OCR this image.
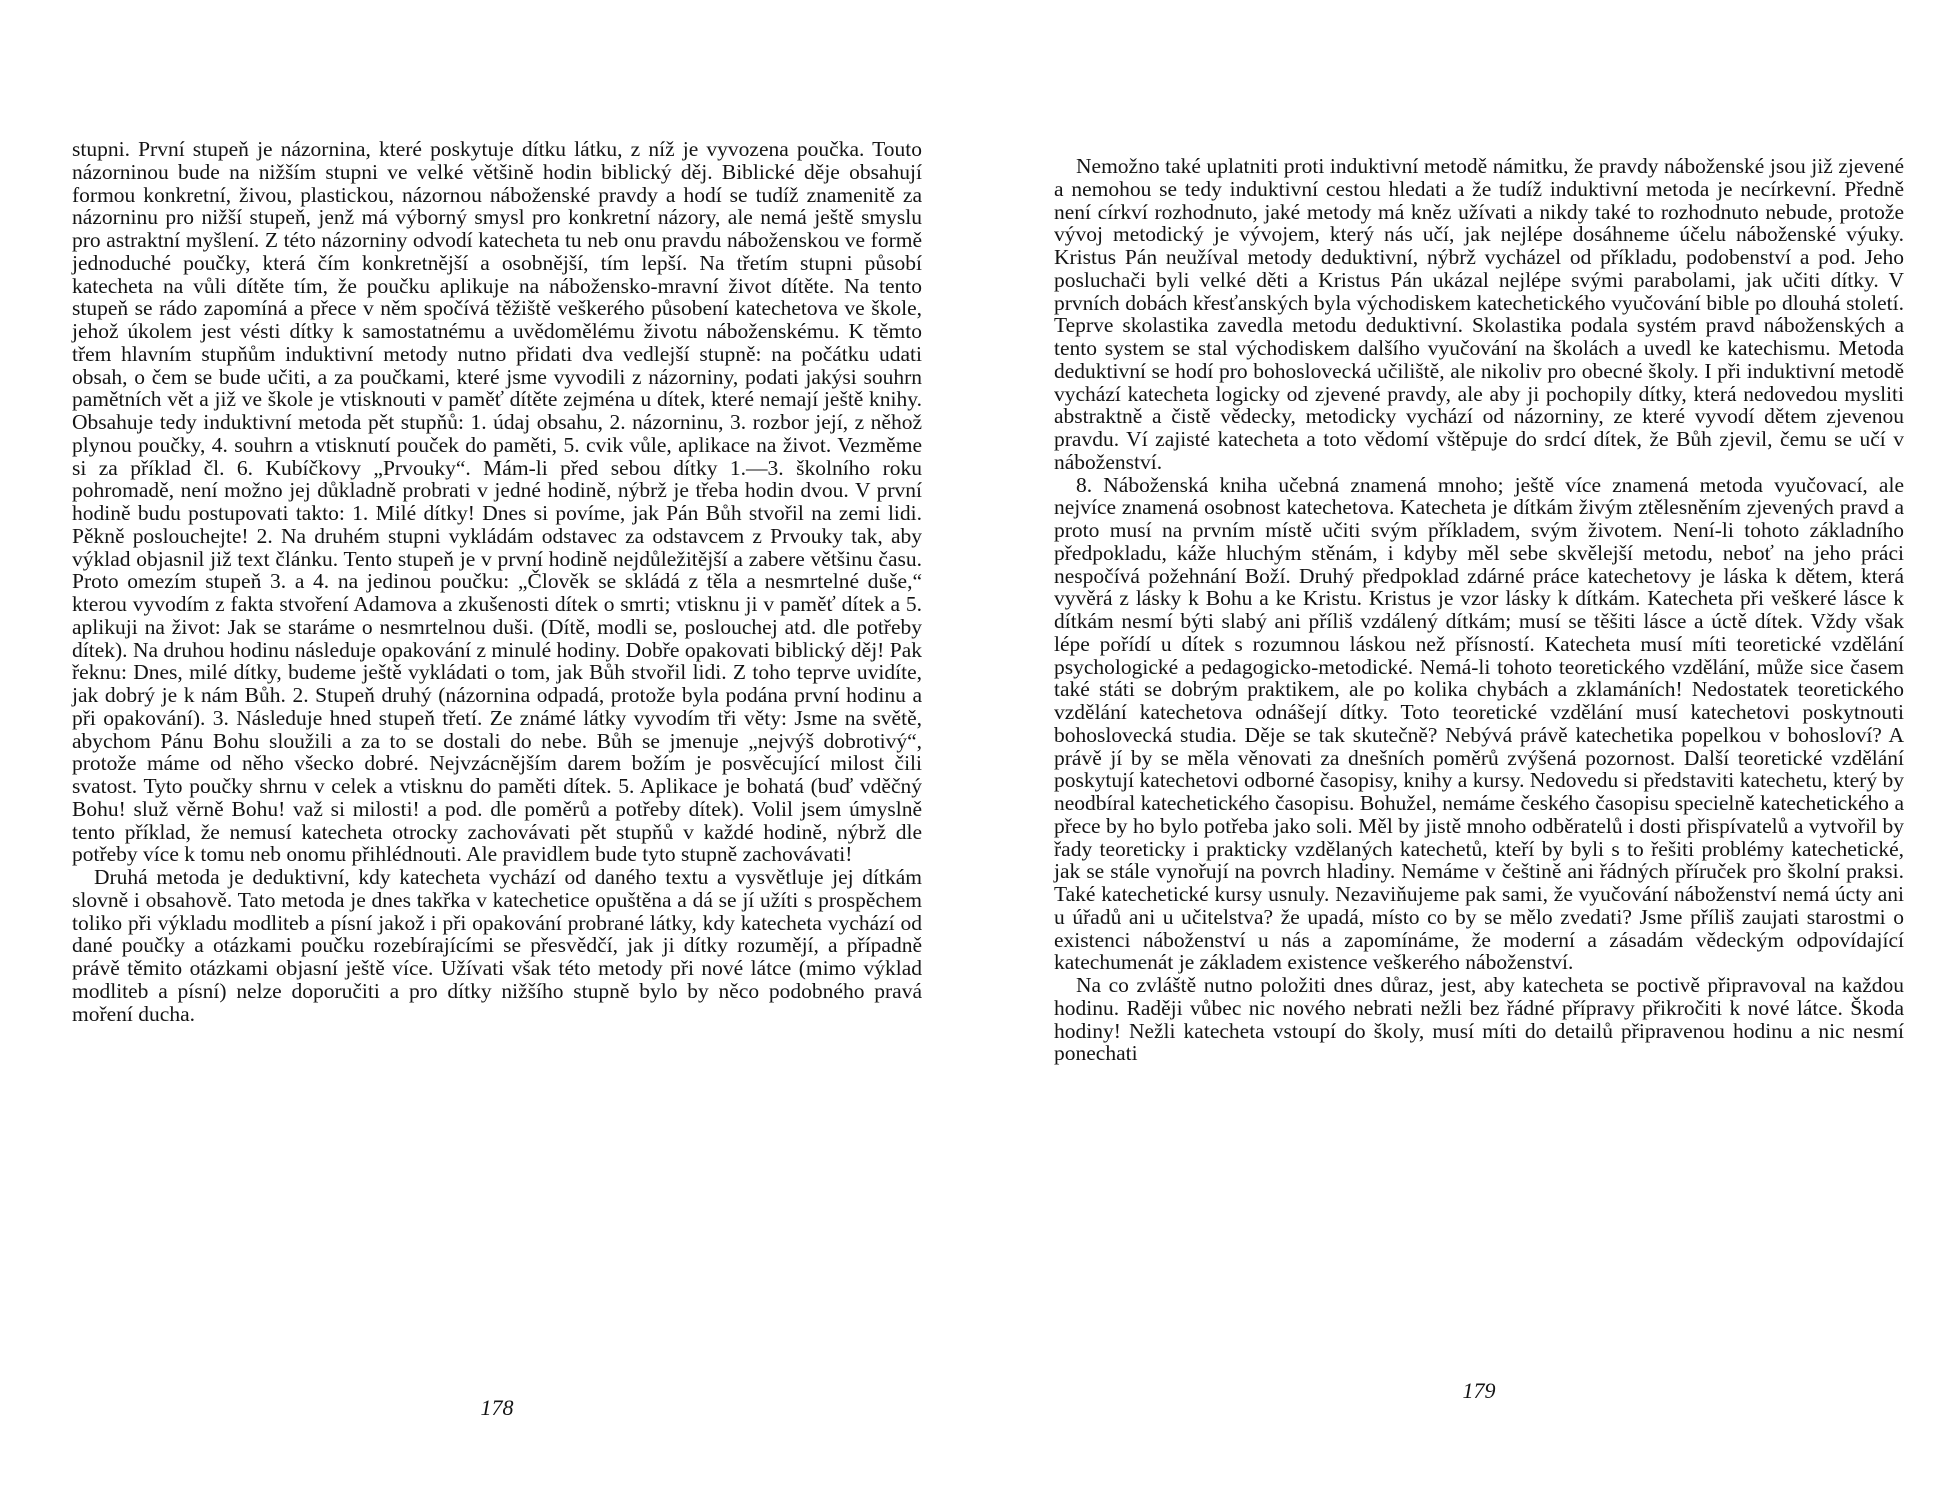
stupni. První stupeň je názornina, které poskytuje dítku látku, z níž je vyvozena poučka. Touto názorninou bude na nižším stupni ve velké většině hodin biblický děj. Biblické děje obsahují formou konkretní, živou, plastickou, názornou náboženské pravdy a hodí se tudíž znamenitě za názorninu pro nižší stupeň, jenž má výborný smysl pro konkretní názory, ale nemá ještě smyslu pro astraktní myšlení. Z této názorniny odvodí katecheta tu neb onu pravdu náboženskou ve formě jednoduché poučky, která čím konkretnější a osobnější, tím lepší. Na třetím stupni působí katecheta na vůli dítěte tím, že poučku aplikuje na nábožensko-mravní život dítěte. Na tento stupeň se rádo zapomíná a přece v něm spočívá těžiště veškerého působení katechetova ve škole, jehož úkolem jest vésti dítky k samostatnému a uvědomělému životu náboženskému. K těmto třem hlavním stupňům induktivní metody nutno přidati dva vedlejší stupně: na počátku udati obsah, o čem se bude učiti, a za poučkami, které jsme vyvodili z názorniny, podati jakýsi souhrn pamětních vět a již ve škole je vtisknouti v paměť dítěte zejména u dítek, které nemají ještě knihy. Obsahuje tedy induktivní metoda pět stupňů: 1. údaj obsahu, 2. názorninu, 3. rozbor její, z něhož plynou poučky, 4. souhrn a vtisknutí pouček do paměti, 5. cvik vůle, aplikace na život. Vezměme si za příklad čl. 6. Kubíčkovy „Prvouky“. Mám-li před sebou dítky 1.—3. školního roku pohromadě, není možno jej důkladně probrati v jedné hodině, nýbrž je třeba hodin dvou. V první hodině budu postupovati takto: 1. Milé dítky! Dnes si povíme, jak Pán Bůh stvořil na zemi lidi. Pěkně poslouchejte! 2. Na druhém stupni vykládám odstavec za odstavcem z Prvouky tak, aby výklad objasnil již text článku. Tento stupeň je v první hodině nejdůležitější a zabere většinu času. Proto omezím stupeň 3. a 4. na jedinou poučku: „Člověk se skládá z těla a nesmrtelné duše,“ kterou vyvodím z fakta stvoření Adamova a zkušenosti dítek o smrti; vtisknu ji v paměť dítek a 5. aplikuji na život: Jak se staráme o nesmrtelnou duši. (Dítě, modli se, poslouchej atd. dle potřeby dítek). Na druhou hodinu následuje opakování z minulé hodiny. Dobře opakovati biblický děj! Pak řeknu: Dnes, milé dítky, budeme ještě vykládati o tom, jak Bůh stvořil lidi. Z toho teprve uvidíte, jak dobrý je k nám Bůh. 2. Stupeň druhý (názornina odpadá, protože byla podána první hodinu a při opakování). 3. Následuje hned stupeň třetí. Ze známé látky vyvodím tři věty: Jsme na světě, abychom Pánu Bohu sloužili a za to se dostali do nebe. Bůh se jmenuje „nejvýš dobrotivý“, protože máme od něho všecko dobré. Nejvzácnějším darem božím je posvěcující milost čili svatost. Tyto poučky shrnu v celek a vtisknu do paměti dítek. 5. Aplikace je bohatá (buď vděčný Bohu! služ věrně Bohu! važ si milosti! a pod. dle poměrů a potřeby dítek). Volil jsem úmyslně tento příklad, že nemusí katecheta otrocky zachovávati pět stupňů v každé hodině, nýbrž dle potřeby více k tomu neb onomu přihlédnouti. Ale pravidlem bude tyto stupně zachovávati!

Druhá metoda je deduktivní, kdy katecheta vychází od daného textu a vysvětluje jej dítkám slovně i obsahově. Tato metoda je dnes takřka v katechetice opuštěna a dá se jí užíti s prospěchem toliko při výkladu modliteb a písní jakož i při opakování probrané látky, kdy katecheta vychází od dané poučky a otázkami poučku rozebírajícími se přesvědčí, jak ji dítky rozumějí, a případně právě těmito otázkami objasní ještě více. Užívati však této metody při nové látce (mimo výklad modliteb a písní) nelze doporučiti a pro dítky nižšího stupně bylo by něco podobného pravá moření ducha.

178

Nemožno také uplatniti proti induktivní metodě námitku, že pravdy náboženské jsou již zjevené a nemohou se tedy induktivní cestou hledati a že tudíž induktivní metoda je necírkevní. Předně není církví rozhodnuto, jaké metody má kněz užívati a nikdy také to rozhodnuto nebude, protože vývoj metodický je vývojem, který nás učí, jak nejlépe dosáhneme účelu náboženské výuky. Kristus Pán neužíval metody deduktivní, nýbrž vycházel od příkladu, podobenství a pod. Jeho posluchači byli velké děti a Kristus Pán ukázal nejlépe svými parabolami, jak učiti dítky. V prvních dobách křesťanských byla východiskem katechetického vyučování bible po dlouhá století. Teprve skolastika zavedla metodu deduktivní. Skolastika podala systém pravd náboženských a tento system se stal východiskem dalšího vyučování na školách a uvedl ke katechismu. Metoda deduktivní se hodí pro bohoslovecká učiliště, ale nikoliv pro obecné školy. I při induktivní metodě vychází katecheta logicky od zjevené pravdy, ale aby ji pochopily dítky, která nedovedou mysliti abstraktně a čistě vědecky, metodicky vychází od názorniny, ze které vyvodí dětem zjevenou pravdu. Ví zajisté katecheta a toto vědomí vštěpuje do srdcí dítek, že Bůh zjevil, čemu se učí v náboženství.

8. Náboženská kniha učebná znamená mnoho; ještě více znamená metoda vyučovací, ale nejvíce znamená osobnost katechetova. Katecheta je dítkám živým ztělesněním zjevených pravd a proto musí na prvním místě učiti svým příkladem, svým životem. Není-li tohoto základního předpokladu, káže hluchým stěnám, i kdyby měl sebe skvělejší metodu, neboť na jeho práci nespočívá požehnání Boží. Druhý předpoklad zdárné práce katechetovy je láska k dětem, která vyvěrá z lásky k Bohu a ke Kristu. Kristus je vzor lásky k dítkám. Katecheta při veškeré lásce k dítkám nesmí býti slabý ani příliš vzdálený dítkám; musí se těšiti lásce a úctě dítek. Vždy však lépe pořídí u dítek s rozumnou láskou než přísností. Katecheta musí míti teoretické vzdělání psychologické a pedagogicko-metodické. Nemá-li tohoto teoretického vzdělání, může sice časem také státi se dobrým praktikem, ale po kolika chybách a zklamáních! Nedostatek teoretického vzdělání katechetova odnášejí dítky. Toto teoretické vzdělání musí katechetovi poskytnouti bohoslovecká studia. Děje se tak skutečně? Nebývá právě katechetika popelkou v bohosloví? A právě jí by se měla věnovati za dnešních poměrů zvýšená pozornost. Další teoretické vzdělání poskytují katechetovi odborné časopisy, knihy a kursy. Nedovedu si představiti katechetu, který by neodbíral katechetického časopisu. Bohužel, nemáme českého časopisu specielně katechetického a přece by ho bylo potřeba jako soli. Měl by jistě mnoho odběratelů i dosti přispívatelů a vytvořil by řady teoreticky i prakticky vzdělaných katechetů, kteří by byli s to řešiti problémy katechetické, jak se stále vynořují na povrch hladiny. Nemáme v češtině ani řádných příruček pro školní praksi. Také katechetické kursy usnuly. Nezaviňujeme pak sami, že vyučování náboženství nemá úcty ani u úřadů ani u učitelstva? že upadá, místo co by se mělo zvedati? Jsme příliš zaujati starostmi o existenci náboženství u nás a zapomínáme, že moderní a zásadám vědeckým odpovídající katechumenát je základem existence veškerého náboženství.

Na co zvláště nutno položiti dnes důraz, jest, aby katecheta se poctivě připravoval na každou hodinu. Raději vůbec nic nového nebrati nežli bez řádné přípravy přikročiti k nové látce. Škoda hodiny! Nežli katecheta vstoupí do školy, musí míti do detailů připravenou hodinu a nic nesmí ponechati

179
